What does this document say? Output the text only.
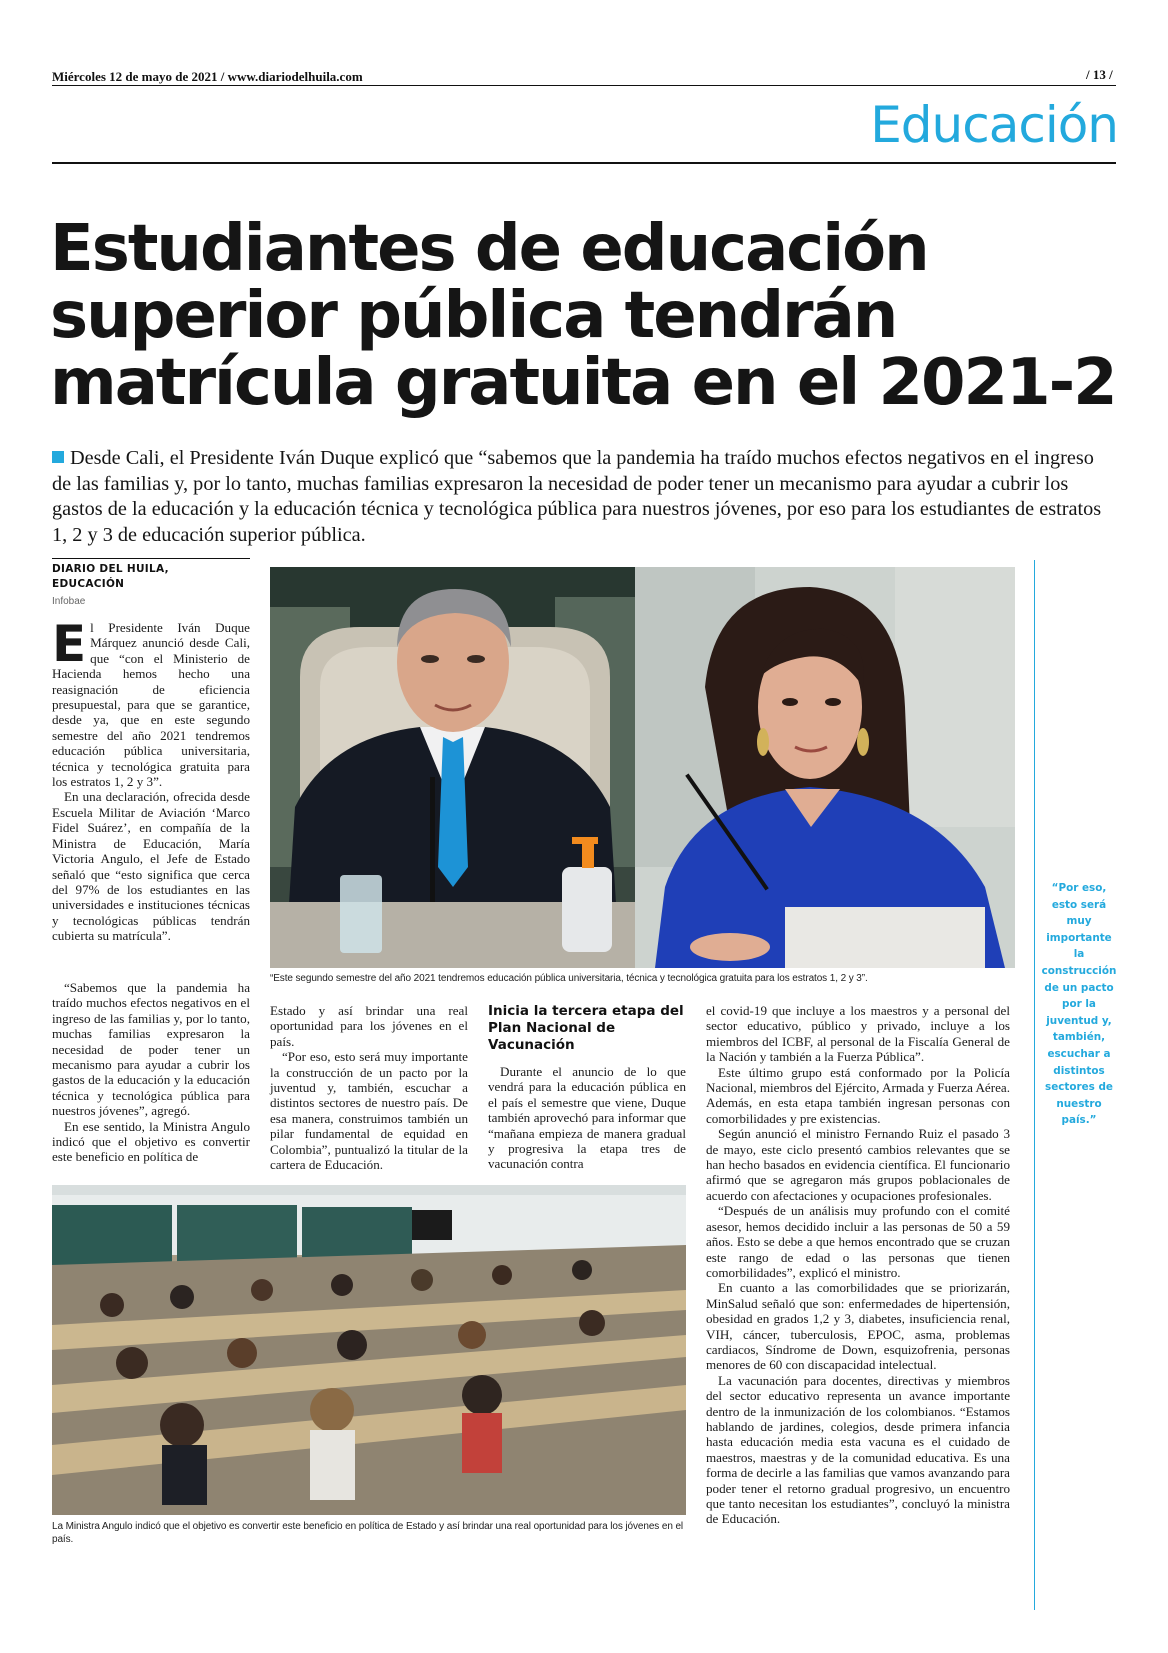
Miércoles 12 de mayo de 2021 / www.diariodelhuila.com	/ 13 /
Educación
Estudiantes de educación
superior pública tendrán
matrícula gratuita en el 2021-2
Desde Cali, el Presidente Iván Duque explicó que “sabemos que la pandemia ha traído muchos efectos negativos en el ingreso de las familias y, por lo tanto, muchas familias expresaron la necesidad de poder tener un mecanismo para ayudar a cubrir los gastos de la educación y la educación técnica y tecnológica pública para nuestros jóvenes, por eso para los estudiantes de estratos 1, 2 y 3 de educación superior pública.
DIARIO DEL HUILA, EDUCACIÓN
Infobae

El Presidente Iván Duque Márquez anunció desde Cali, que “con el Ministerio de Hacienda hemos hecho una reasignación de eficiencia presupuestal, para que se garantice, desde ya, que en este segundo semestre del año 2021 tendremos educación pública universitaria, técnica y tecnológica gratuita para los estratos 1, 2 y 3”.

En una declaración, ofrecida desde Escuela Militar de Aviación ‘Marco Fidel Suárez’, en compañía de la Ministra de Educación, María Victoria Angulo, el Jefe de Estado señaló que “esto significa que cerca del 97% de los estudiantes en las universidades e instituciones técnicas y tecnológicas públicas tendrán cubierta su matrícula”.

“Este segundo semestre del año 2021 tendremos educación pública universitaria, técnica y tecnológica gratuita para los estratos 1, 2 y 3”.

“Sabemos que la pandemia ha traído muchos efectos negativos en el ingreso de las familias y, por lo tanto, muchas familias expresaron la necesidad de poder tener un mecanismo para ayudar a cubrir los gastos de la educación y la educación técnica y tecnológica pública para nuestros jóvenes”, agregó.

En ese sentido, la Ministra Angulo indicó que el objetivo es convertir este beneficio en política de

Estado y así brindar una real oportunidad para los jóvenes en el país.

“Por eso, esto será muy importante la construcción de un pacto por la juventud y, también, escuchar a distintos sectores de nuestro país. De esa manera, construimos también un pilar fundamental de equidad en Colombia”, puntualizó la titular de la cartera de Educación.

Inicia la tercera etapa del Plan Nacional de Vacunación

Durante el anuncio de lo que vendrá para la educación pública en el país el semestre que viene, Duque también aprovechó para informar que “mañana empieza de manera gradual y progresiva la etapa tres de vacunación contra

el covid-19 que incluye a los maestros y a personal del sector educativo, público y privado, incluye a los miembros del ICBF, al personal de la Fiscalía General de la Nación y también a la Fuerza Pública”.

Este último grupo está conformado por la Policía Nacional, miembros del Ejército, Armada y Fuerza Aérea. Además, en esta etapa también ingresan personas con comorbilidades y pre existencias.

Según anunció el ministro Fernando Ruiz el pasado 3 de mayo, este ciclo presentó cambios relevantes que se han hecho basados en evidencia científica. El funcionario afirmó que se agregaron más grupos poblacionales de acuerdo con afectaciones y ocupaciones profesionales.

“Después de un análisis muy profundo con el comité asesor, hemos decidido incluir a las personas de 50 a 59 años. Esto se debe a que hemos encontrado que se cruzan este rango de edad o las personas que tienen comorbilidades”, explicó el ministro.

En cuanto a las comorbilidades que se priorizarán, MinSalud señaló que son: enfermedades de hipertensión, obesidad en grados 1,2 y 3, diabetes, insuficiencia renal, VIH, cáncer, tuberculosis, EPOC, asma, problemas cardiacos, Síndrome de Down, esquizofrenia, personas menores de 60 con discapacidad intelectual.

La vacunación para docentes, directivas y miembros del sector educativo representa un avance importante dentro de la inmunización de los colombianos. “Estamos hablando de jardines, colegios, desde primera infancia hasta educación media esta vacuna es el cuidado de maestros, maestras y de la comunidad educativa. Es una forma de decirle a las familias que vamos avanzando para poder tener el retorno gradual progresivo, un encuentro que tanto necesitan los estudiantes”, concluyó la ministra de Educación.

La Ministra Angulo indicó que el objetivo es convertir este beneficio en política de Estado y así brindar una real oportunidad para los jóvenes en el país.
“Por eso, esto será muy importante la construcción de un pacto por la juventud y, también, escuchar a distintos sectores de nuestro país.”
